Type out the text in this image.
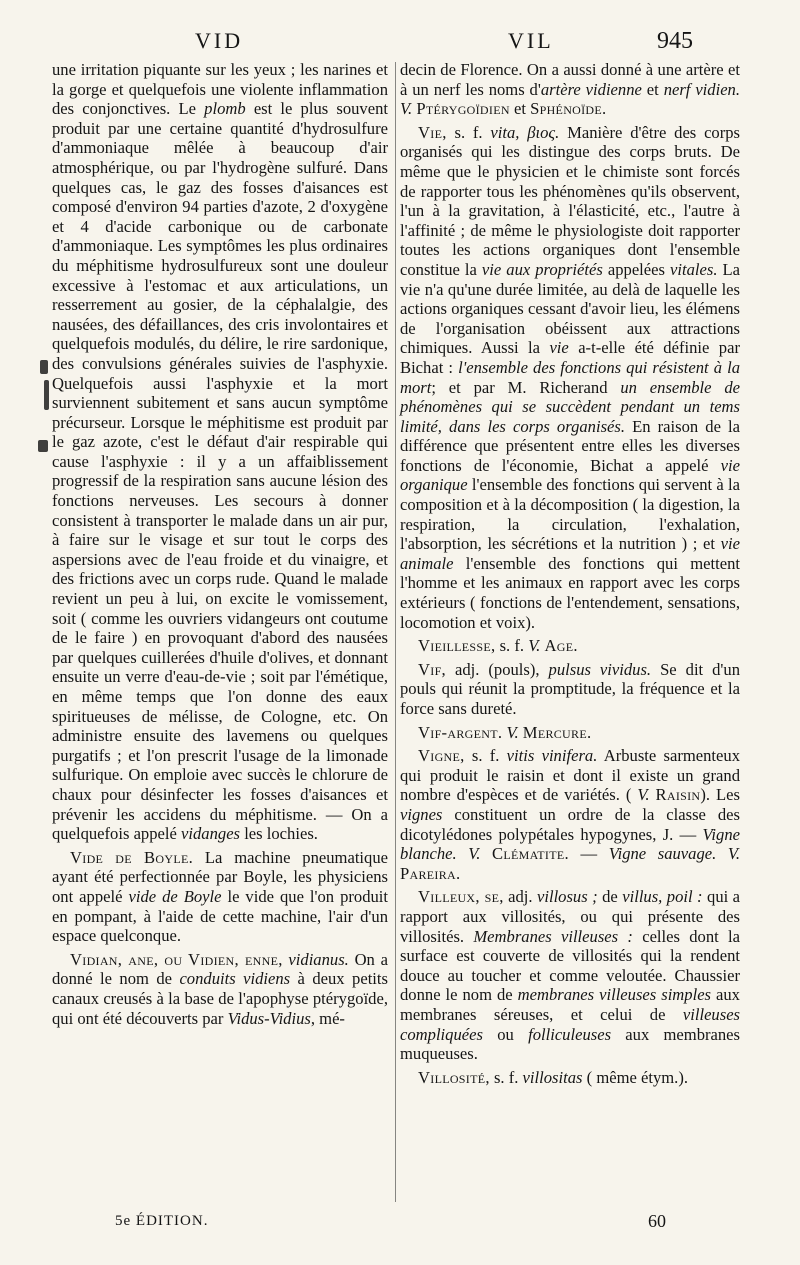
VID	VIL	945

une irritation piquante sur les yeux ; les narines et la gorge et quelquefois une violente inflammation des conjonctives. Le plomb est le plus souvent produit par une certaine quantité d'hydrosulfure d'ammoniaque mêlée à beaucoup d'air atmosphérique, ou par l'hydrogène sulfuré. Dans quelques cas, le gaz des fosses d'aisances est composé d'environ 94 parties d'azote, 2 d'oxygène et 4 d'acide carbonique ou de carbonate d'ammoniaque. Les symptômes les plus ordinaires du méphitisme hydrosulfureux sont une douleur excessive à l'estomac et aux articulations, un resserrement au gosier, de la céphalalgie, des nausées, des défaillances, des cris involontaires et quelquefois modulés, du délire, le rire sardonique, des convulsions générales suivies de l'asphyxie. Quelquefois aussi l'asphyxie et la mort surviennent subitement et sans aucun symptôme précurseur. Lorsque le méphitisme est produit par le gaz azote, c'est le défaut d'air respirable qui cause l'asphyxie : il y a un affaiblissement progressif de la respiration sans aucune lésion des fonctions nerveuses. Les secours à donner consistent à transporter le malade dans un air pur, à faire sur le visage et sur tout le corps des aspersions avec de l'eau froide et du vinaigre, et des frictions avec un corps rude. Quand le malade revient un peu à lui, on excite le vomissement, soit ( comme les ouvriers vidangeurs ont coutume de le faire ) en provoquant d'abord des nausées par quelques cuillerées d'huile d'olives, et donnant ensuite un verre d'eau-de-vie ; soit par l'émétique, en même temps que l'on donne des eaux spiritueuses de mélisse, de Cologne, etc. On administre ensuite des lavemens ou quelques purgatifs ; et l'on prescrit l'usage de la limonade sulfurique. On emploie avec succès le chlorure de chaux pour désinfecter les fosses d'aisances et prévenir les accidens du méphitisme. — On a quelquefois appelé vidanges les lochies.

Vide de Boyle. La machine pneumatique ayant été perfectionnée par Boyle, les physiciens ont appelé vide de Boyle le vide que l'on produit en pompant, à l'aide de cette machine, l'air d'un espace quelconque.

Vidian, ane, ou Vidien, enne, vidianus. On a donné le nom de conduits vidiens à deux petits canaux creusés à la base de l'apophyse ptérygoïde, qui ont été découverts par Vidus-Vidius, mé-

decin de Florence. On a aussi donné à une artère et à un nerf les noms d'artère vidienne et nerf vidien. V. Ptérygoïdien et Sphénoïde.

Vie, s. f. vita, βιος. Manière d'être des corps organisés qui les distingue des corps bruts. De même que le physicien et le chimiste sont forcés de rapporter tous les phénomènes qu'ils observent, l'un à la gravitation, à l'élasticité, etc., l'autre à l'affinité ; de même le physiologiste doit rapporter toutes les actions organiques dont l'ensemble constitue la vie aux propriétés appelées vitales. La vie n'a qu'une durée limitée, au delà de laquelle les actions organiques cessant d'avoir lieu, les élémens de l'organisation obéissent aux attractions chimiques. Aussi la vie a-t-elle été définie par Bichat : l'ensemble des fonctions qui résistent à la mort; et par M. Richerand un ensemble de phénomènes qui se succèdent pendant un tems limité, dans les corps organisés. En raison de la différence que présentent entre elles les diverses fonctions de l'économie, Bichat a appelé vie organique l'ensemble des fonctions qui servent à la composition et à la décomposition ( la digestion, la respiration, la circulation, l'exhalation, l'absorption, les sécrétions et la nutrition ) ; et vie animale l'ensemble des fonctions qui mettent l'homme et les animaux en rapport avec les corps extérieurs ( fonctions de l'entendement, sensations, locomotion et voix).

Vieillesse, s. f. V. Age.

Vif, adj. (pouls), pulsus vividus. Se dit d'un pouls qui réunit la promptitude, la fréquence et la force sans dureté.

Vif-argent. V. Mercure.

Vigne, s. f. vitis vinifera. Arbuste sarmenteux qui produit le raisin et dont il existe un grand nombre d'espèces et de variétés. ( V. Raisin). Les vignes constituent un ordre de la classe des dicotylédones polypétales hypogynes, J. — Vigne blanche. V. Clématite. — Vigne sauvage. V. Pareira.

Villeux, se, adj. villosus ; de villus, poil : qui a rapport aux villosités, ou qui présente des villosités. Membranes villeuses : celles dont la surface est couverte de villosités qui la rendent douce au toucher et comme veloutée. Chaussier donne le nom de membranes villeuses simples aux membranes séreuses, et celui de villeuses compliquées ou folliculeuses aux membranes muqueuses.

Villosité, s. f. villositas ( même étym.).

5e ÉDITION.	60
